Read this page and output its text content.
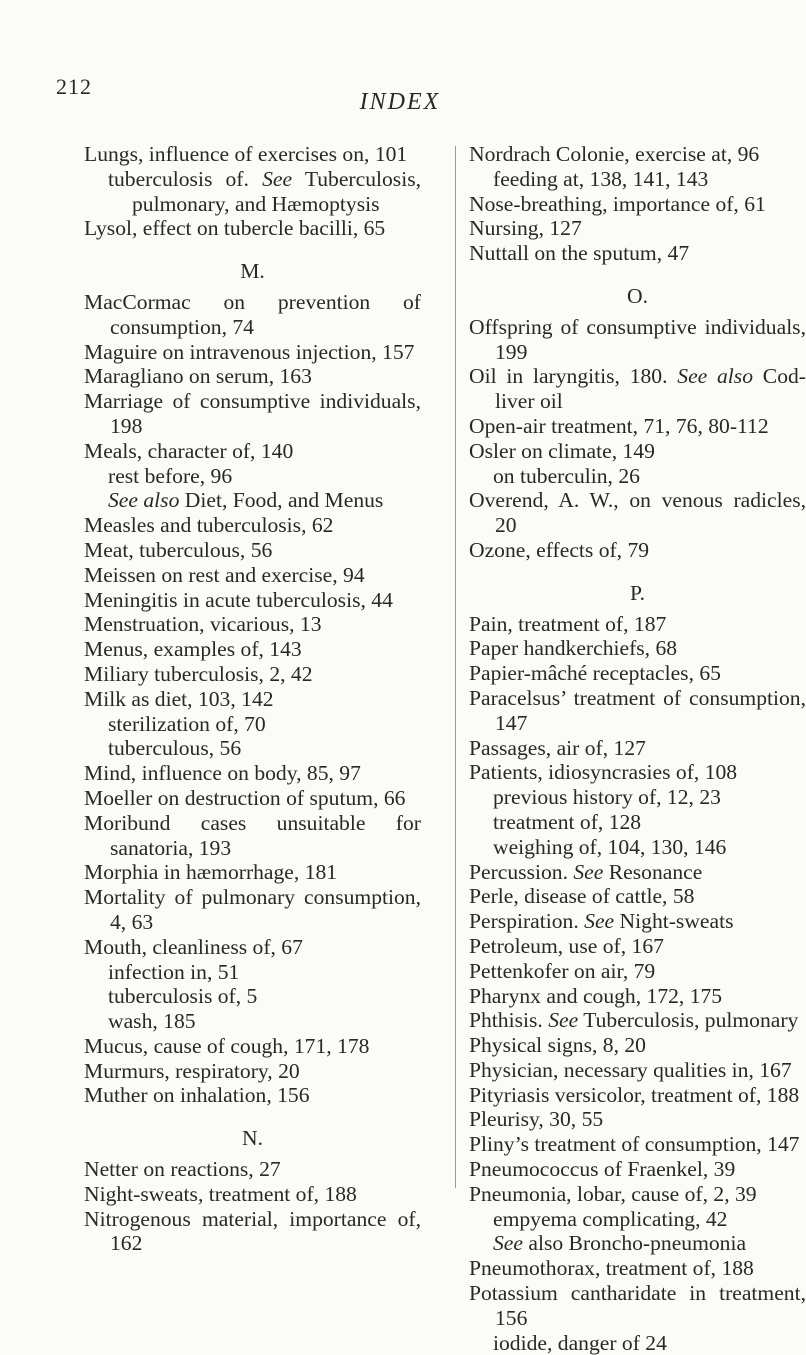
212
INDEX
Lungs, influence of exercises on, 101
tuberculosis of. See Tuberculosis, pulmonary, and Hæmoptysis
Lysol, effect on tubercle bacilli, 65
M.
MacCormac on prevention of consumption, 74
Maguire on intravenous injection, 157
Maragliano on serum, 163
Marriage of consumptive individuals, 198
Meals, character of, 140
rest before, 96
See also Diet, Food, and Menus
Measles and tuberculosis, 62
Meat, tuberculous, 56
Meissen on rest and exercise, 94
Meningitis in acute tuberculosis, 44
Menstruation, vicarious, 13
Menus, examples of, 143
Miliary tuberculosis, 2, 42
Milk as diet, 103, 142
sterilization of, 70
tuberculous, 56
Mind, influence on body, 85, 97
Moeller on destruction of sputum, 66
Moribund cases unsuitable for sanatoria, 193
Morphia in hæmorrhage, 181
Mortality of pulmonary consumption, 4, 63
Mouth, cleanliness of, 67
infection in, 51
tuberculosis of, 5
wash, 185
Mucus, cause of cough, 171, 178
Murmurs, respiratory, 20
Muther on inhalation, 156
N.
Netter on reactions, 27
Night-sweats, treatment of, 188
Nitrogenous material, importance of, 162
Nordrach Colonie, exercise at, 96
feeding at, 138, 141, 143
Nose-breathing, importance of, 61
Nursing, 127
Nuttall on the sputum, 47
O.
Offspring of consumptive individuals, 199
Oil in laryngitis, 180. See also Cod-liver oil
Open-air treatment, 71, 76, 80-112
Osler on climate, 149
on tuberculin, 26
Overend, A. W., on venous radicles, 20
Ozone, effects of, 79
P.
Pain, treatment of, 187
Paper handkerchiefs, 68
Papier-mâché receptacles, 65
Paracelsus’ treatment of consumption, 147
Passages, air of, 127
Patients, idiosyncrasies of, 108
previous history of, 12, 23
treatment of, 128
weighing of, 104, 130, 146
Percussion. See Resonance
Perle, disease of cattle, 58
Perspiration. See Night-sweats
Petroleum, use of, 167
Pettenkofer on air, 79
Pharynx and cough, 172, 175
Phthisis. See Tuberculosis, pulmonary
Physical signs, 8, 20
Physician, necessary qualities in, 167
Pityriasis versicolor, treatment of, 188
Pleurisy, 30, 55
Pliny’s treatment of consumption, 147
Pneumococcus of Fraenkel, 39
Pneumonia, lobar, cause of, 2, 39
empyema complicating, 42
See also Broncho-pneumonia
Pneumothorax, treatment of, 188
Potassium cantharidate in treatment, 156
iodide, danger of 24
